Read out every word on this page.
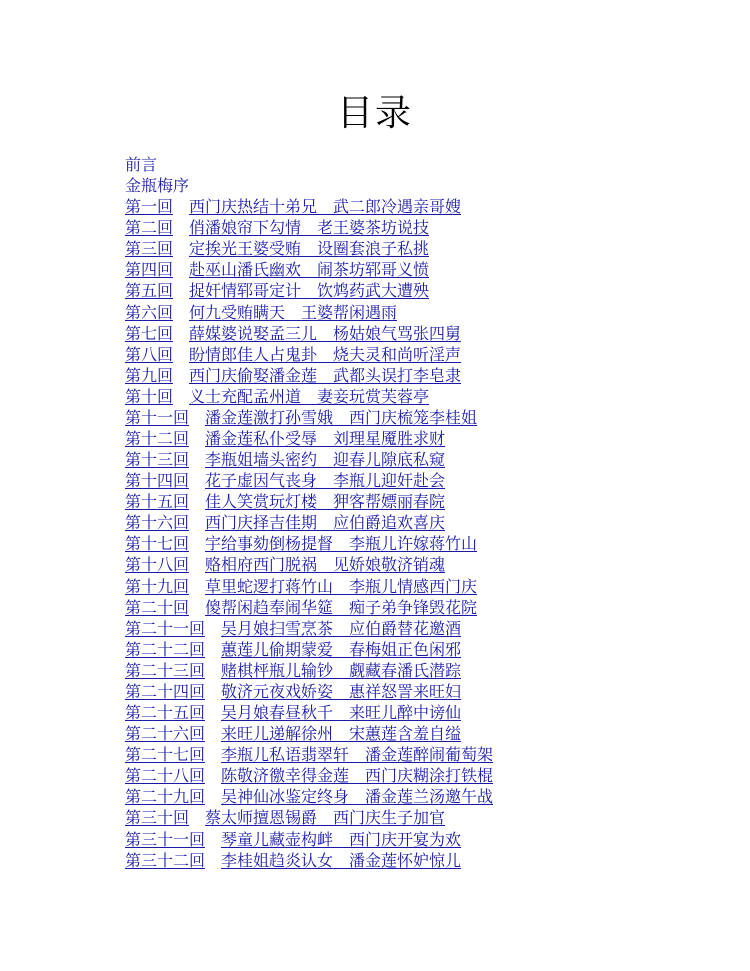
目录
前言
金瓶梅序
第一回 西门庆热结十弟兄　武二郎冷遇亲哥嫂
第二回 俏潘娘帘下勾情　老王婆茶坊说技
第三回 定挨光王婆受贿　设圈套浪子私挑
第四回 赴巫山潘氏幽欢　闹茶坊郓哥义愤
第五回 捉奸情郓哥定计　饮鸩药武大遭殃
第六回 何九受贿瞒天　王婆帮闲遇雨
第七回 薛媒婆说娶孟三儿　杨姑娘气骂张四舅
第八回 盼情郎佳人占鬼卦　烧夫灵和尚听淫声
第九回 西门庆偷娶潘金莲　武都头误打李皂隶
第十回 义士充配孟州道　妻妾玩赏芙蓉亭
第十一回 潘金莲激打孙雪娥　西门庆梳笼李桂姐
第十二回 潘金莲私仆受辱　刘理星魇胜求财
第十三回 李瓶姐墙头密约　迎春儿隙底私窥
第十四回 花子虚因气丧身　李瓶儿迎奸赴会
第十五回 佳人笑赏玩灯楼　狎客帮嫖丽春院
第十六回 西门庆择吉佳期　应伯爵追欢喜庆
第十七回 宇给事劾倒杨提督　李瓶儿许嫁蒋竹山
第十八回 赂相府西门脱祸　见娇娘敬济销魂
第十九回 草里蛇逻打蒋竹山　李瓶儿情感西门庆
第二十回 傻帮闲趋奉闹华筵　痴子弟争锋毁花院
第二十一回 吴月娘扫雪烹茶　应伯爵替花邀酒
第二十二回 蕙莲儿偷期蒙爱　春梅姐正色闲邪
第二十三回 赌棋枰瓶儿输钞　觑藏春潘氏潜踪
第二十四回 敬济元夜戏娇姿　惠祥怒詈来旺妇
第二十五回 吴月娘春昼秋千　来旺儿醉中谤仙
第二十六回 来旺儿递解徐州　宋蕙莲含羞自缢
第二十七回 李瓶儿私语翡翠轩　潘金莲醉闹葡萄架
第二十八回 陈敬济徼幸得金莲　西门庆糊涂打铁棍
第二十九回 吴神仙冰鉴定终身　潘金莲兰汤邀午战
第三十回 蔡太师擅恩锡爵　西门庆生子加官
第三十一回 琴童儿藏壶构衅　西门庆开宴为欢
第三十二回 李桂姐趋炎认女　潘金莲怀妒惊儿
